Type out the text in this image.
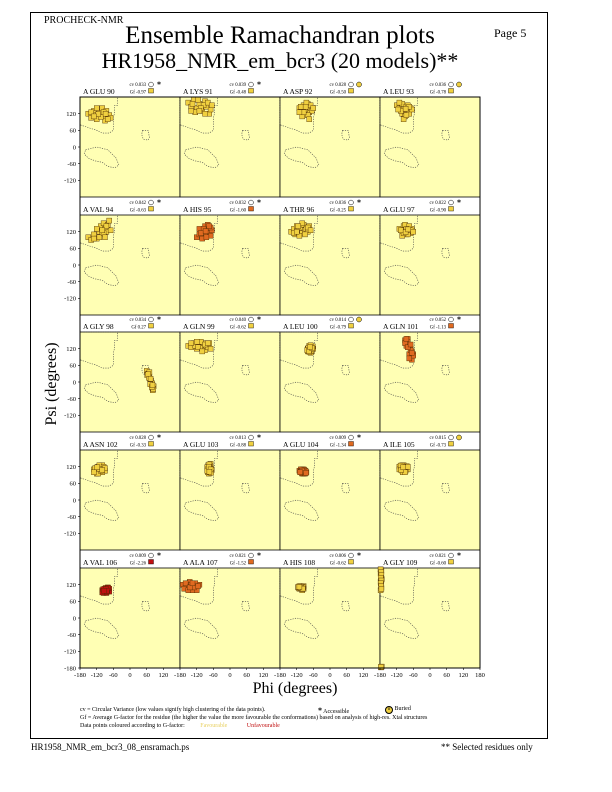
PROCHECK-NMR
Page 5
Ensemble Ramachandran plots
HR1958_NMR_em_bcr3 (20 models)**
A GLU 90
cv 0.033
Gf -0.97
*
120
60
0
-60
-120
A LYS 91
cv 0.039
Gf -0.48
*
A ASP 92
cv 0.028
Gf -0.50	A LEU 93
cv 0.036
Gf -0.78
A VAL 94
cv 0.042
Gf -0.63
*
120
60
0
-60
-120
A HIS 95
cv 0.032
Gf -1.60
*
A THR 96
cv 0.036
Gf -0.25
*
A GLU 97
cv 0.022
Gf -0.90
*
A GLY 98
cv 0.034
Gf 0.27
*
120
60
0
-60
-120
A GLN 99
cv 0.040
Gf -0.62
*
A LEU 100
cv 0.014
Gf -0.79	A GLN 101
cv 0.052
Gf -1.13
*
A ASN 102
cv 0.028
Gf -0.33
*
120
60
0
-60
-120
A GLU 103
cv 0.013
Gf -0.88
*
A GLU 104
cv 0.009
Gf -1.34
*
A ILE 105
cv 0.015
Gf -0.73
A VAL 106
cv 0.009
Gf -2.26
*
120
60
0
-60
-120
-180
-180 -120 -60 0 60 120
A ALA 107
cv 0.021
Gf -1.52
*
-180 -120 -60 0 60 120
A HIS 108
cv 0.006
Gf -0.62
*
-180 -120 -60 0 60 120
A GLY 109
cv 0.021
Gf -0.60
*
-180 -120 -60 0 60 120 180
Psi (degrees)
Phi (degrees)
cv = Circular Variance (low values signify high clustering of the data points).	* Accessible	o Buried
Gf = Average G-factor for the residue (the higher the value the more favourable the conformations) based on analysis of high-res. Xtal structures
Data points coloured according to G-factor:	Favourable	Unfavourable
HR1958_NMR_em_bcr3_08_ensramach.ps	** Selected residues only
